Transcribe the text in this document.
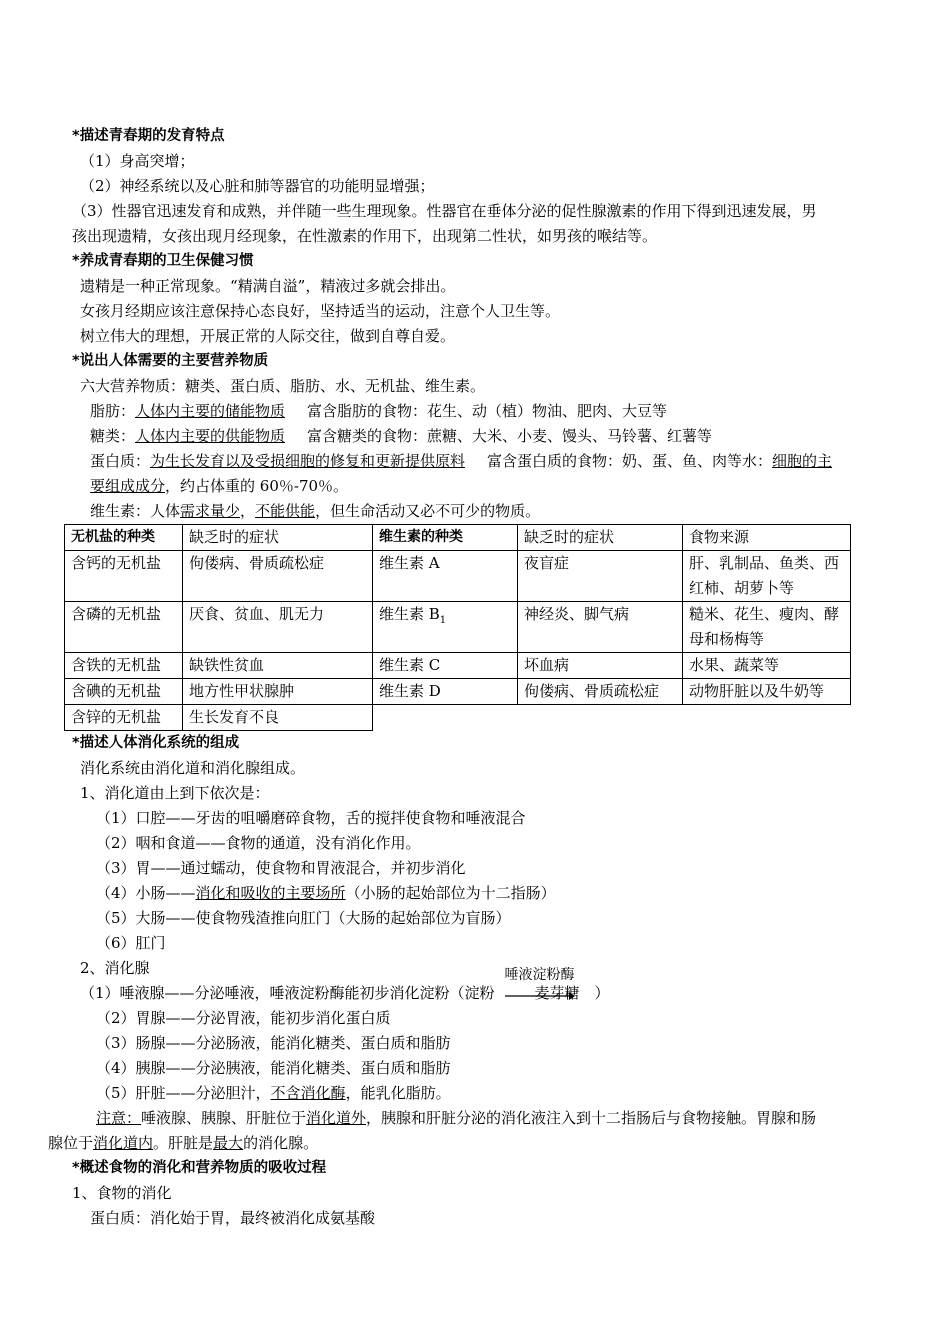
*描述青春期的发育特点
（1）身高突增；
（2）神经系统以及心脏和肺等器官的功能明显增强；
（3）性器官迅速发育和成熟，并伴随一些生理现象。性器官在垂体分泌的促性腺激素的作用下得到迅速发展，男
孩出现遗精，女孩出现月经现象，在性激素的作用下，出现第二性状，如男孩的喉结等。
*养成青春期的卫生保健习惯
遗精是一种正常现象。“精满自溢”，精液过多就会排出。
女孩月经期应该注意保持心态良好，坚持适当的运动，注意个人卫生等。
树立伟大的理想，开展正常的人际交往，做到自尊自爱。
*说出人体需要的主要营养物质
六大营养物质：糖类、蛋白质、脂肪、水、无机盐、维生素。
脂肪：人体内主要的储能物质 富含脂肪的食物：花生、动（植）物油、肥肉、大豆等
糖类：人体内主要的供能物质 富含糖类的食物：蔗糖、大米、小麦、馒头、马铃薯、红薯等
蛋白质：为生长发育以及受损细胞的修复和更新提供原料 富含蛋白质的食物：奶、蛋、鱼、肉等水：细胞的主
要组成成分，约占体重的 60％-70％。
维生素：人体需求量少，不能供能，但生命活动又必不可少的物质。
无机盐的种类	缺乏时的症状	维生素的种类	缺乏时的症状	食物来源
含钙的无机盐	佝偻病、骨质疏松症	维生素 A	夜盲症	肝、乳制品、鱼类、西红柿、胡萝卜等
含磷的无机盐	厌食、贫血、肌无力	维生素 $B_1$	神经炎、脚气病	糙米、花生、瘦肉、酵母和杨梅等
含铁的无机盐	缺铁性贫血	维生素 C	坏血病	水果、蔬菜等
含碘的无机盐	地方性甲状腺肿	维生素 D	佝偻病、骨质疏松症	动物肝脏以及牛奶等
含锌的无机盐	生长发育不良			
*描述人体消化系统的组成
消化系统由消化道和消化腺组成。
1、消化道由上到下依次是：
（1）口腔——牙齿的咀嚼磨碎食物，舌的搅拌使食物和唾液混合
（2）咽和食道——食物的通道，没有消化作用。
（3）胃——通过蠕动，使食物和胃液混合，并初步消化
（4）小肠——消化和吸收的主要场所（小肠的起始部位为十二指肠）
（5）大肠——使食物残渣推向肛门（大肠的起始部位为盲肠）
（6）肛门
2、消化腺
（1）唾液腺——分泌唾液，唾液淀粉酶能初步消化淀粉（淀粉
唾液淀粉酶
麦芽糖 ）
（2）胃腺——分泌胃液，能初步消化蛋白质
（3）肠腺——分泌肠液，能消化糖类、蛋白质和脂肪
（4）胰腺——分泌胰液，能消化糖类、蛋白质和脂肪
（5）肝脏——分泌胆汁，不含消化酶，能乳化脂肪。
注意：唾液腺、胰腺、肝脏位于消化道外，胰腺和肝脏分泌的消化液注入到十二指肠后与食物接触。胃腺和肠
腺位于消化道内。肝脏是最大的消化腺。
*概述食物的消化和营养物质的吸收过程
1、食物的消化
蛋白质：消化始于胃，最终被消化成氨基酸
